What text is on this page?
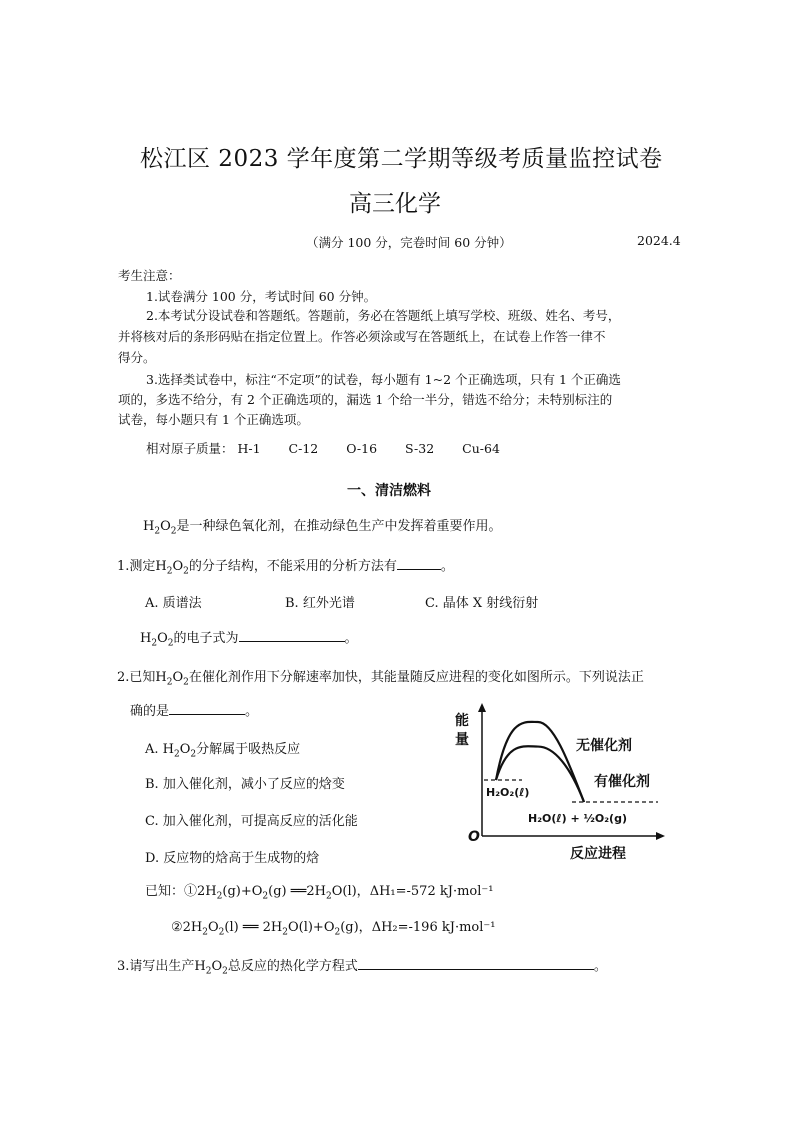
松江区 2023 学年度第二学期等级考质量监控试卷
高三化学
（满分 100 分，完卷时间 60 分钟）	2024.4
考生注意：
1.试卷满分 100 分，考试时间 60 分钟。
2.本考试分设试卷和答题纸。答题前，务必在答题纸上填写学校、班级、姓名、考号，
并将核对后的条形码贴在指定位置上。作答必须涂或写在答题纸上，在试卷上作答一律不
得分。
3.选择类试卷中，标注“不定项”的试卷，每小题有 1~2 个正确选项，只有 1 个正确选
项的，多选不给分，有 2 个正确选项的，漏选 1 个给一半分，错选不给分；未特别标注的
试卷，每小题只有 1 个正确选项。
相对原子质量： H-1 C-12 O-16 S-32 Cu-64
一、清洁燃料
$H_2O_2$是一种绿色氧化剂，在推动绿色生产中发挥着重要作用。
1.测定$H_2O_2$的分子结构，不能采用的分析方法有	。
A. 质谱法	B. 红外光谱	C. 晶体 X 射线衍射
$H_2O_2$的电子式为	。
2.已知$H_2O_2$在催化剂作用下分解速率加快，其能量随反应进程的变化如图所示。下列说法正
确的是	。
A. $H_2O_2$分解属于吸热反应
B. 加入催化剂，减小了反应的焓变
C. 加入催化剂，可提高反应的活化能
D. 反应物的焓高于生成物的焓
能
量
O
反应进程
无催化剂
有催化剂
H₂O₂(ℓ)
H₂O(ℓ) + ½O₂(g)
已知：$①2H_2(g)+O_2(g)$ $══2H_2O(l)$，ΔH₁=-572 kJ·mol⁻¹
$②2H_2O_2(l)$ ══ $2H_2O(l)+O_2(g)$，ΔH₂=-196 kJ·mol⁻¹
3.请写出生产$H_2O_2$总反应的热化学方程式	。
